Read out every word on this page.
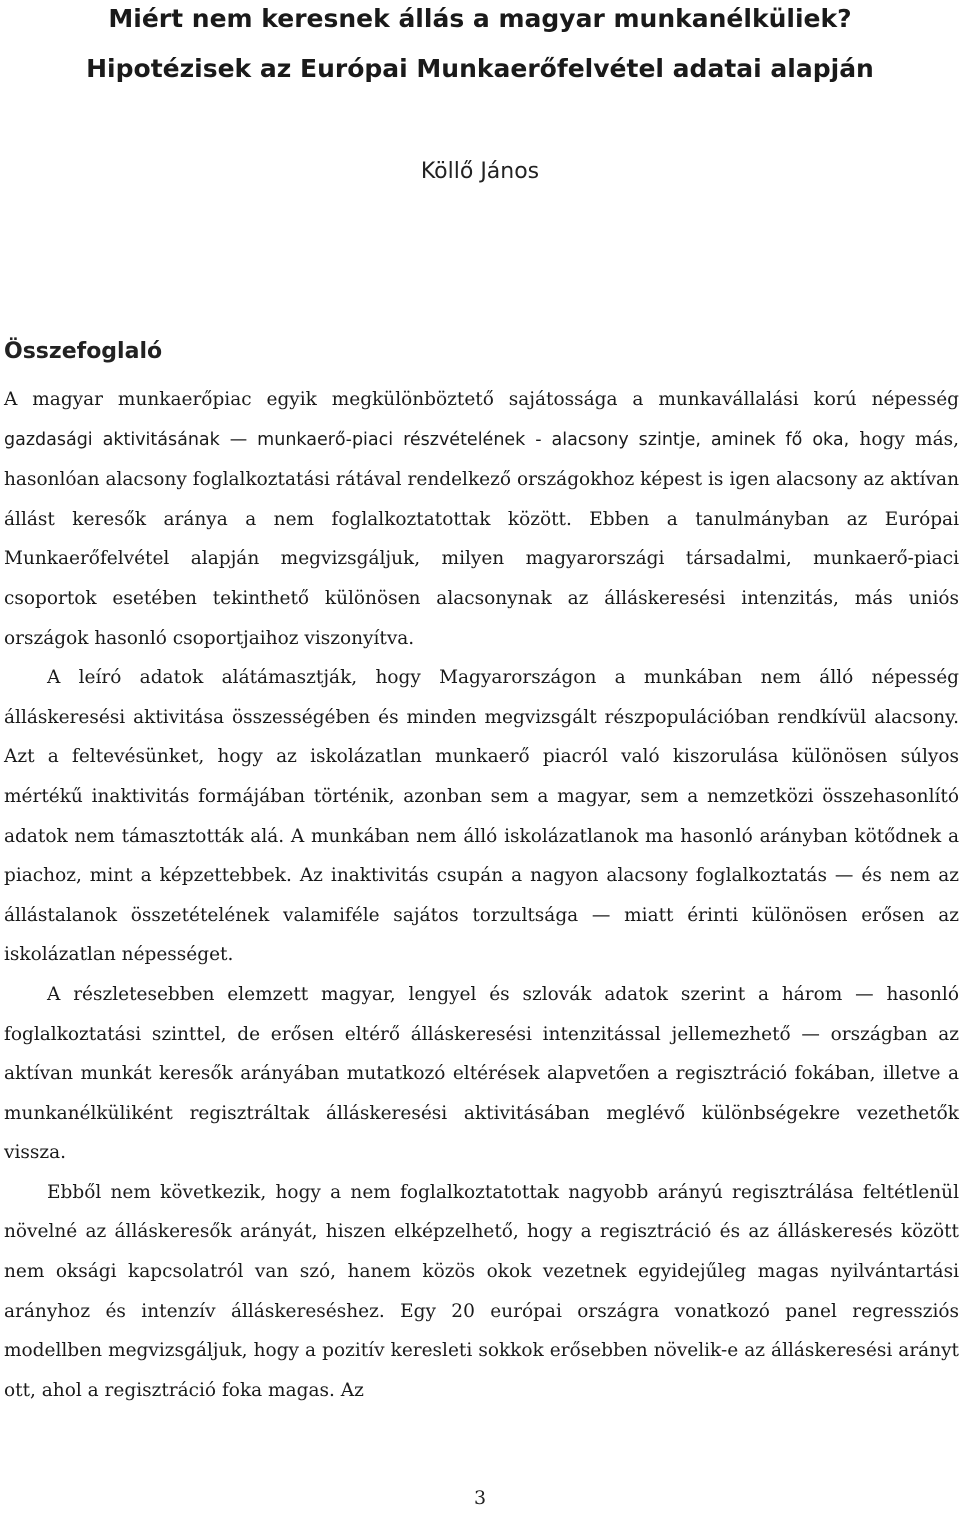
Miért nem keresnek állás a magyar munkanélküliek?
Hipotézisek az Európai Munkaerőfelvétel adatai alapján
Köllő János
Összefoglaló

A magyar munkaerőpiac egyik megkülönböztető sajátossága a munkavállalási korú népesség gazdasági aktivitásának — munkaerő-piaci részvételének - alacsony szintje, aminek fő oka, hogy más, hasonlóan alacsony foglalkoztatási rátával rendelkező országokhoz képest is igen alacsony az aktívan állást keresők aránya a nem foglalkoztatottak között. Ebben a tanulmányban az Európai Munkaerőfelvétel alapján megvizsgáljuk, milyen magyarországi társadalmi, munkaerő-piaci csoportok esetében tekinthető különösen alacsonynak az álláskeresési intenzitás, más uniós országok hasonló csoportjaihoz viszonyítva.

A leíró adatok alátámasztják, hogy Magyarországon a munkában nem álló népesség álláskeresési aktivitása összességében és minden megvizsgált részpopulációban rendkívül alacsony. Azt a feltevésünket, hogy az iskolázatlan munkaerő piacról való kiszorulása különösen súlyos mértékű inaktivitás formájában történik, azonban sem a magyar, sem a nemzetközi összehasonlító adatok nem támasztották alá. A munkában nem álló iskolázatlanok ma hasonló arányban kötődnek a piachoz, mint a képzettebbek. Az inaktivitás csupán a nagyon alacsony foglalkoztatás — és nem az állástalanok összetételének valamiféle sajátos torzultsága — miatt érinti különösen erősen az iskolázatlan népességet.

A részletesebben elemzett magyar, lengyel és szlovák adatok szerint a három — hasonló foglalkoztatási szinttel, de erősen eltérő álláskeresési intenzitással jellemezhető — országban az aktívan munkát keresők arányában mutatkozó eltérések alapvetően a regisztráció fokában, illetve a munkanélküliként regisztráltak álláskeresési aktivitásában meglévő különbségekre vezethetők vissza.

Ebből nem következik, hogy a nem foglalkoztatottak nagyobb arányú regisztrálása feltétlenül növelné az álláskeresők arányát, hiszen elképzelhető, hogy a regisztráció és az álláskeresés között nem oksági kapcsolatról van szó, hanem közös okok vezetnek egyidejűleg magas nyilvántartási arányhoz és intenzív álláskereséshez. Egy 20 európai országra vonatkozó panel regressziós modellben megvizsgáljuk, hogy a pozitív keresleti sokkok erősebben növelik-e az álláskeresési arányt ott, ahol a regisztráció foka magas. Az

3
